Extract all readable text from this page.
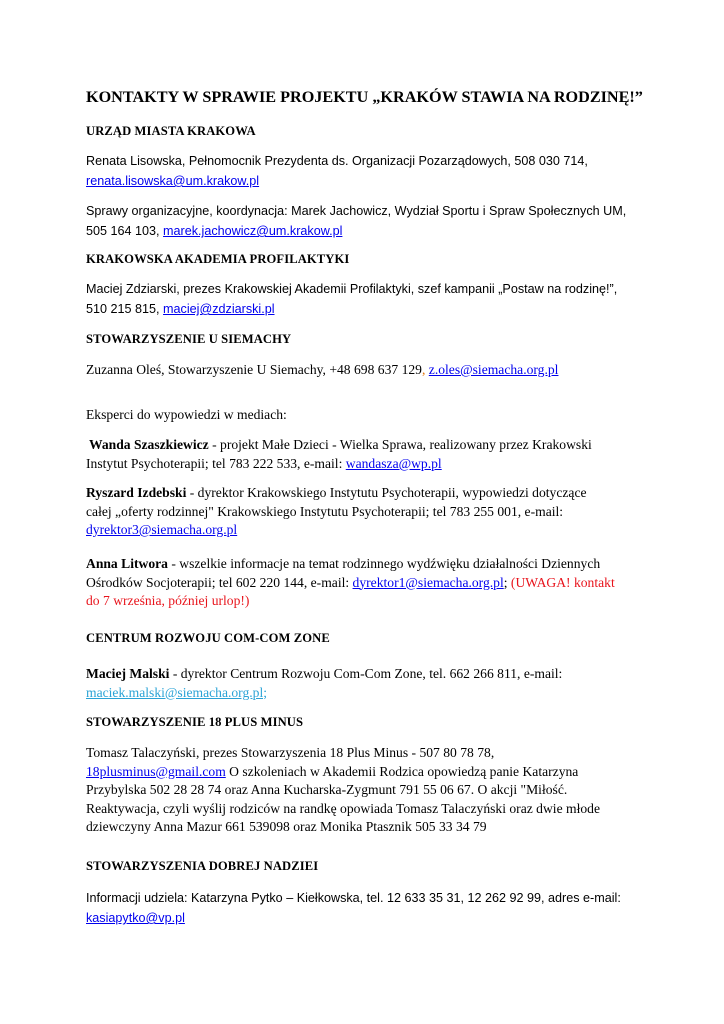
KONTAKTY W SPRAWIE PROJEKTU „KRAKÓW STAWIA NA RODZINĘ!”
URZĄD MIASTA KRAKOWA
Renata Lisowska, Pełnomocnik Prezydenta ds. Organizacji Pozarządowych, 508 030 714,
renata.lisowska@um.krakow.pl
Sprawy organizacyjne, koordynacja: Marek Jachowicz, Wydział Sportu i Spraw Społecznych UM,
505 164 103, marek.jachowicz@um.krakow.pl
KRAKOWSKA AKADEMIA PROFILAKTYKI
Maciej Zdziarski, prezes Krakowskiej Akademii Profilaktyki, szef kampanii „Postaw na rodzinę!”,
510 215 815, maciej@zdziarski.pl
STOWARZYSZENIE U SIEMACHY
Zuzanna Oleś, Stowarzyszenie U Siemachy, +48 698 637 129, z.oles@siemacha.org.pl
Eksperci do wypowiedzi w mediach:
Wanda Szaszkiewicz - projekt Małe Dzieci - Wielka Sprawa, realizowany przez Krakowski
Instytut Psychoterapii; tel 783 222 533, e-mail: wandasza@wp.pl
Ryszard Izdebski - dyrektor Krakowskiego Instytutu Psychoterapii, wypowiedzi dotyczące
całej „oferty rodzinnej" Krakowskiego Instytutu Psychoterapii; tel 783 255 001, e-mail:
dyrektor3@siemacha.org.pl
Anna Litwora - wszelkie informacje na temat rodzinnego wydźwięku działalności Dziennych
Ośrodków Socjoterapii; tel 602 220 144, e-mail: dyrektor1@siemacha.org.pl; (UWAGA! kontakt
do 7 września, później urlop!)
CENTRUM ROZWOJU COM-COM ZONE
Maciej Malski - dyrektor Centrum Rozwoju Com-Com Zone, tel. 662 266 811, e-mail:
maciek.malski@siemacha.org.pl;
STOWARZYSZENIE 18 PLUS MINUS
Tomasz Talaczyński, prezes Stowarzyszenia 18 Plus Minus - 507 80 78 78,
18plusminus@gmail.com O szkoleniach w Akademii Rodzica opowiedzą panie Katarzyna
Przybylska 502 28 28 74 oraz Anna Kucharska-Zygmunt 791 55 06 67. O akcji "Miłość.
Reaktywacja, czyli wyślij rodziców na randkę opowiada Tomasz Talaczyński oraz dwie młode
dziewczyny Anna Mazur 661 539098 oraz Monika Ptasznik 505 33 34 79
STOWARZYSZENIA DOBREJ NADZIEI
Informacji udziela: Katarzyna Pytko – Kiełkowska, tel. 12 633 35 31, 12 262 92 99, adres e-mail:
kasiapytko@vp.pl
